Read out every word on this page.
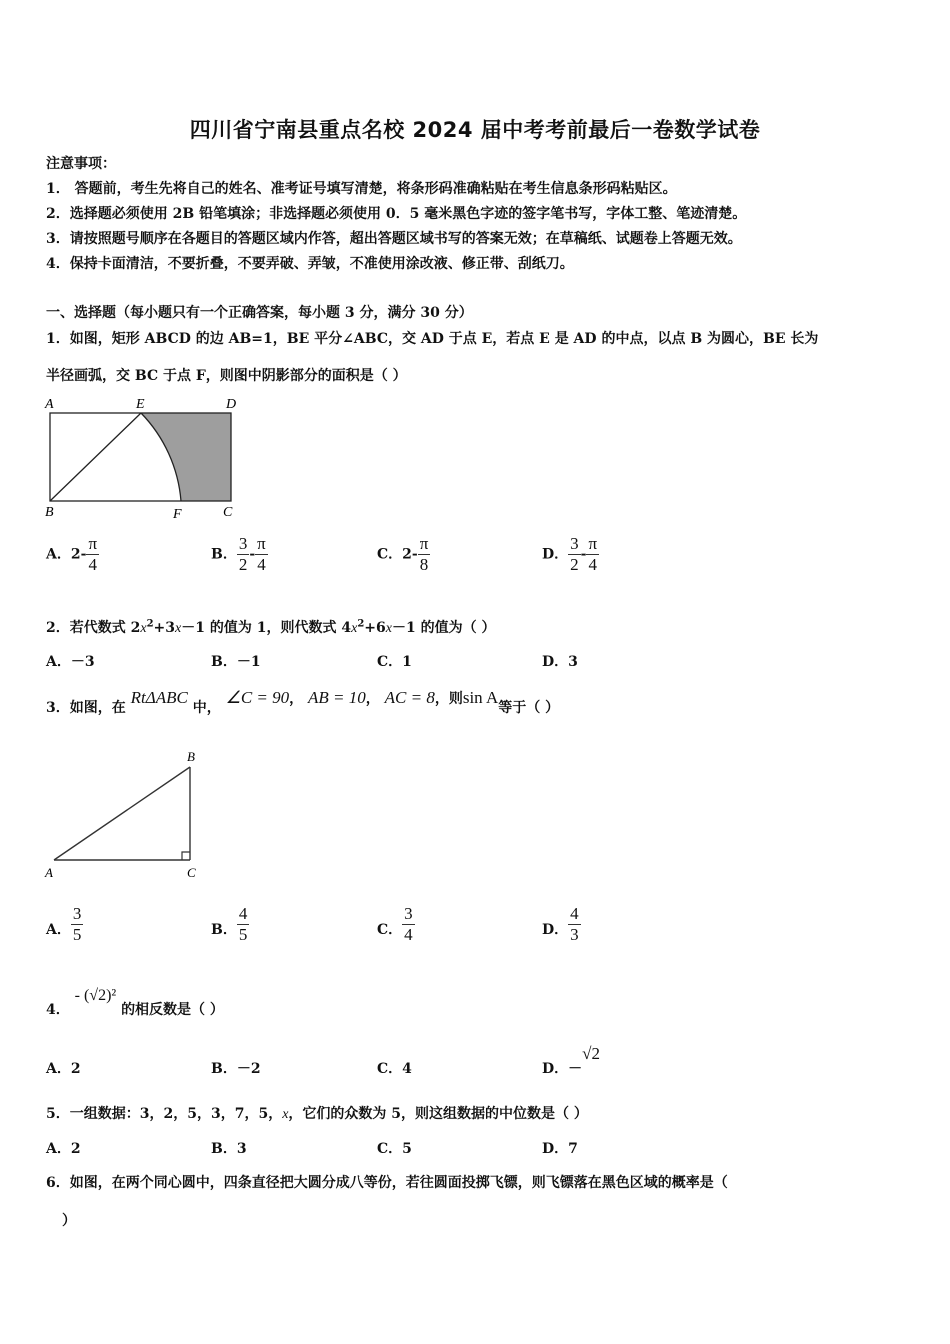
四川省宁南县重点名校 2024 届中考考前最后一卷数学试卷
注意事项：
1． 答题前，考生先将自己的姓名、准考证号填写清楚，将条形码准确粘贴在考生信息条形码粘贴区。
2．选择题必须使用 2B 铅笔填涂；非选择题必须使用 0．5 毫米黑色字迹的签字笔书写，字体工整、笔迹清楚。
3．请按照题号顺序在各题目的答题区域内作答，超出答题区域书写的答案无效；在草稿纸、试题卷上答题无效。
4．保持卡面清洁，不要折叠，不要弄破、弄皱，不准使用涂改液、修正带、刮纸刀。
一、选择题（每小题只有一个正确答案，每小题 3 分，满分 30 分）
1．如图，矩形 ABCD 的边 AB=1，BE 平分∠ABC，交 AD 于点 E，若点 E 是 AD 的中点，以点 B 为圆心，BE 长为
半径画弧，交 BC 于点 F，则图中阴影部分的面积是（ ）
A	E	D
B	F	C
A．$2- \frac{\pi}{4}$	B． $\frac{3}{2} - \frac{\pi}{4}$	C．$2- \frac{\pi}{8}$	D． $\frac{3}{2} - \frac{\pi}{4}$
2．若代数式 $2x^2+3x-1$ 的值为 1，则代数式 $4x^2+6x-1$ 的值为（ ）
A．－3	B．－1	C．1	D．3
3．如图，在 RtΔABC 中， ∠C = 90， AB = 10， AC = 8，则sin A等于（ ）
A
B
C
A． $\frac{3}{5}$	B． $\frac{4}{5}$	C． $\frac{3}{4}$	D． $\frac{4}{3}$
4． - (√2)² 的相反数是（ ）
A．2	B．－2	C．4	D．－√2
5．一组数据：3，2，5，3，7，5，x，它们的众数为 5，则这组数据的中位数是（ ）
A．2	B．3	C．5	D．7
6．如图，在两个同心圆中，四条直径把大圆分成八等份，若往圆面投掷飞镖，则飞镖落在黑色区域的概率是（
）
